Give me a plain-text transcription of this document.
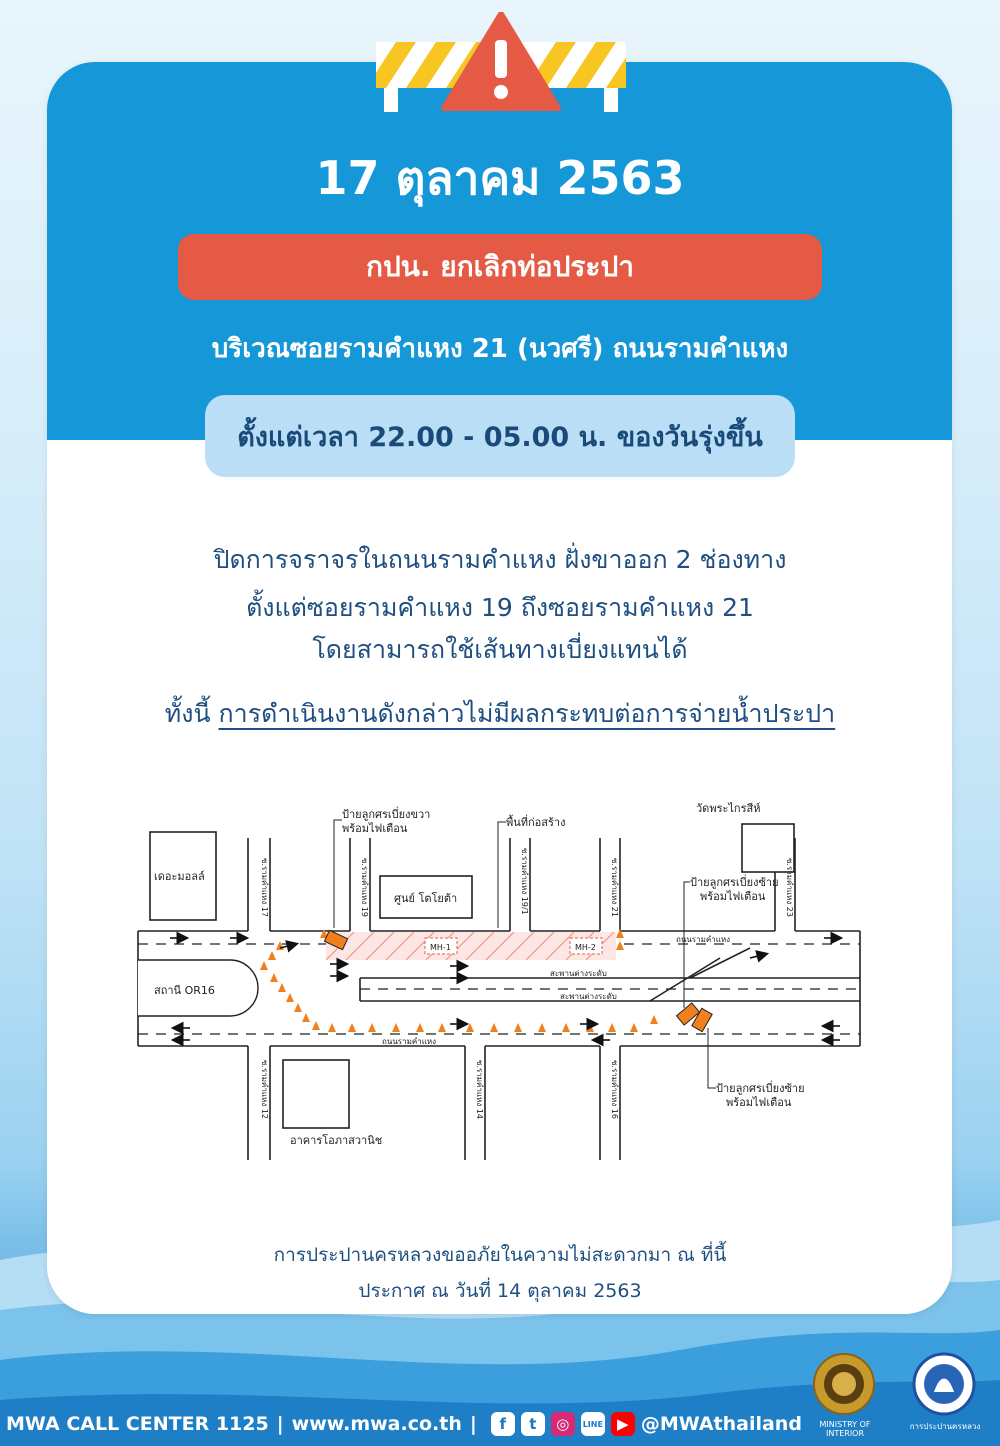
17 ตุลาคม 2563
กปน. ยกเลิกท่อประปา
บริเวณซอยรามคำแหง 21 (นวศรี) ถนนรามคำแหง
ตั้งแต่เวลา 22.00 - 05.00 น. ของวันรุ่งขึ้น
ปิดการจราจรในถนนรามคำแหง ฝั่งขาออก 2 ช่องทาง
ตั้งแต่ซอยรามคำแหง 19 ถึงซอยรามคำแหง 21
โดยสามารถใช้เส้นทางเบี่ยงแทนได้
ทั้งนี้ การดำเนินงานดังกล่าวไม่มีผลกระทบต่อการจ่ายน้ำประปา
ป้ายลูกศรเบี่ยงขวา
พร้อมไฟเตือน	พื้นที่ก่อสร้าง
วัดพระไกรสีห์
เดอะมอลล์
ศูนย์ โตโยต้า
ป้ายลูกศรเบี่ยงซ้าย
พร้อมไฟเตือน
สถานี OR16
ป้ายลูกศรเบี่ยงซ้าย
พร้อมไฟเตือน
อาคารโอภาสวานิช
ถนนรามคำแหง
ถนนรามคำแหง
สะพานต่างระดับ
สะพานต่างระดับ
MH-1	MH-2
ซ.รามคำแหง 17	ซ.รามคำแหง 19	ซ.รามคำแหง 19/1	ซ.รามคำแหง 21	ซ.รามคำแหง 23
ซ.รามคำแหง 12	ซ.รามคำแหง 14	ซ.รามคำแหง 16
การประปานครหลวงขออภัยในความไม่สะดวกมา ณ ที่นี้
ประกาศ ณ วันที่ 14 ตุลาคม 2563
MWA CALL CENTER 1125 | www.mwa.co.th |	f	t	◎	LINE ▶ @MWAthailand	MINISTRY OF INTERIOR
การประปานครหลวง
